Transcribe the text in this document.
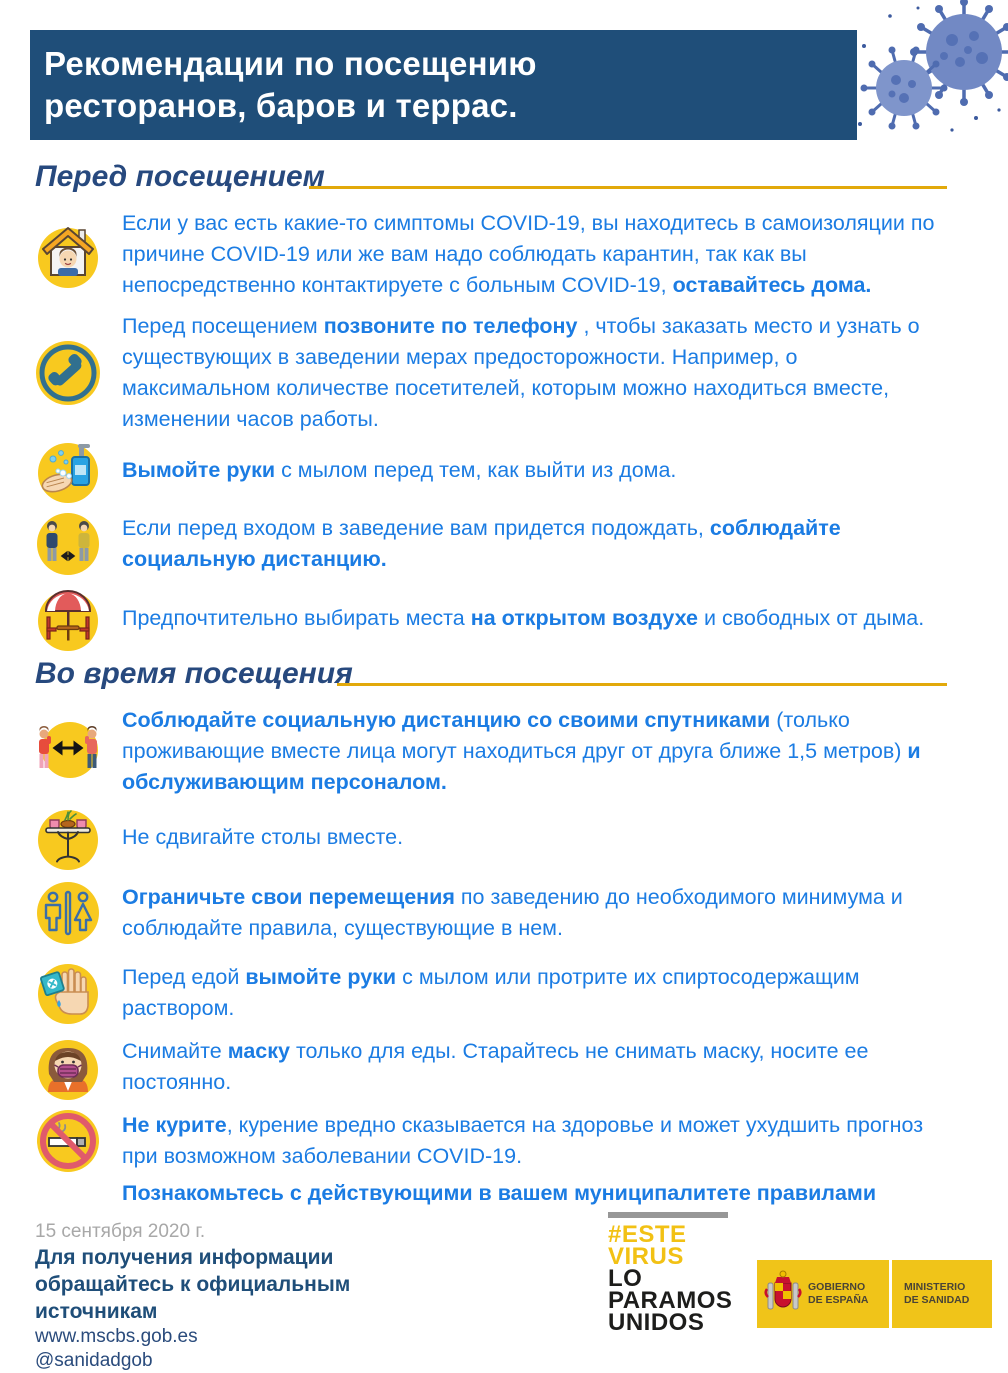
Рекомендации по посещению
ресторанов, баров и террас.
Перед посещением

Если у вас есть какие-то симптомы COVID-19, вы находитесь в самоизоляции по причине COVID-19 или же вам надо соблюдать карантин, так как вы непосредственно контактируете с больным COVID-19, оставайтесь дома.

Перед посещением позвоните по телефону , чтобы заказать место и узнать о существующих в заведении мерах предосторожности. Например, о максимальном количестве посетителей, которым можно находиться вместе, изменении часов работы.

Вымойте руки с мылом перед тем, как выйти из дома.

Если перед входом в заведение вам придется подождать, соблюдайте социальную дистанцию.

Предпочтительно выбирать места на открытом воздухе и свободных от дыма.

Во время посещения

Соблюдайте социальную дистанцию со своими спутниками (только проживающие вместе лица могут находиться друг от друга ближе 1,5 метров) и обслуживающим персоналом.

Не сдвигайте столы вместе.

Ограничьте свои перемещения по заведению до необходимого минимума и соблюдайте правила, существующие в нем.

Перед едой вымойте руки с мылом или протрите их спиртосодержащим раствором.

Снимайте маску только для еды. Старайтесь не снимать маску, носите ее постоянно.

Не курите, курение вредно сказывается на здоровье и может ухудшить прогноз при возможном заболевании COVID-19.

Познакомьтесь с действующими в вашем муниципалитете правилами
15 сентября 2020 г.
Для получения информации обращайтесь к официальным источникам
www.mscbs.gob.es
@sanidadgob
#ESTE
VIRUS
LO
PARAMOS
UNIDOS
GOBIERNO
DE ESPAÑA
MINISTERIO
DE SANIDAD
